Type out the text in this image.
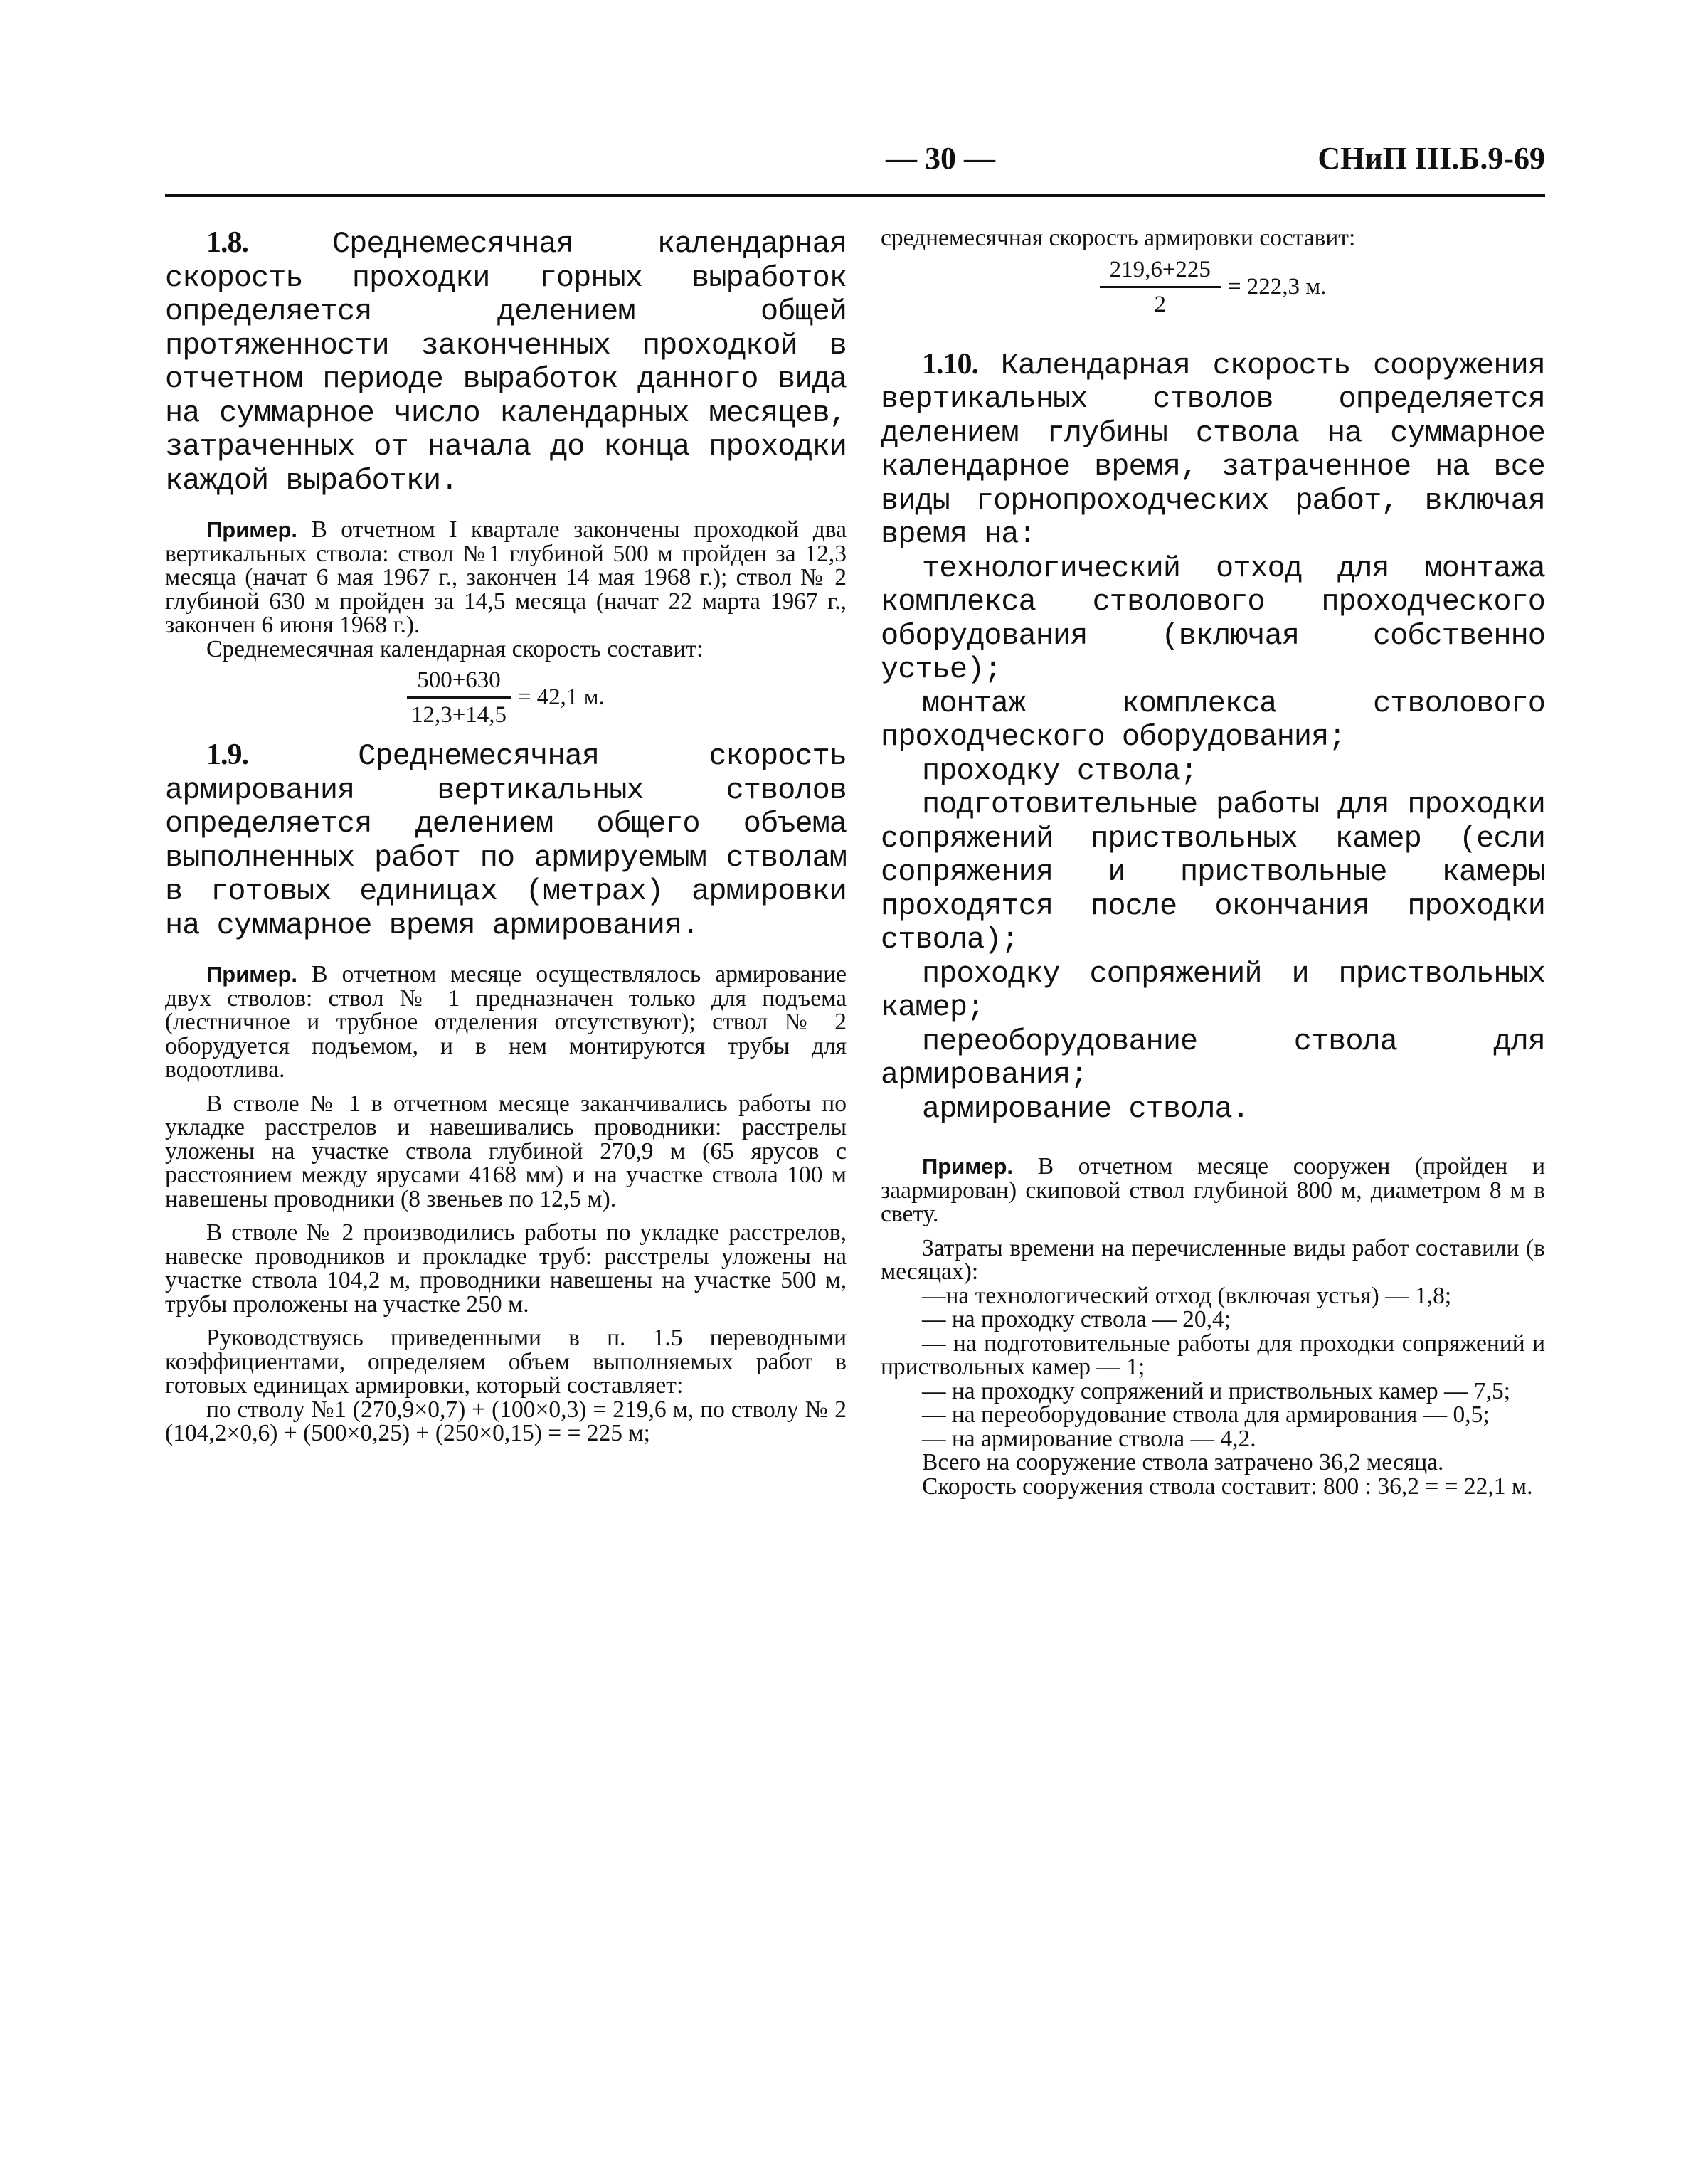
— 30 —	СНиП III.Б.9-69

1.8.	Среднемесячная календарная скорость проходки горных выработок определяется делением общей протяженности законченных проходкой в отчетном периоде выработок данного вида на суммарное число календарных месяцев, затраченных от начала до конца проходки каждой выработки.

Пример. В отчетном I квартале закончены проходкой два вертикальных ствола: ствол №1 глубиной 500 м пройден за 12,3 месяца (начат 6 мая 1967 г., закончен 14 мая 1968 г.); ствол № 2 глубиной 630 м пройден за 14,5 месяца (начат 22 марта 1967 г., закончен 6 июня 1968 г.).

Среднемесячная календарная скорость составит:

$\frac{500+630}{12,3+14,5} = 42,1$ м.

1.9.	Среднемесячная скорость армирования вертикальных стволов определяется делением общего объема выполненных работ по армируемым стволам в готовых единицах (метрах) армировки на суммарное время армирования.

Пример. В отчетном месяце осуществлялось армирование двух стволов: ствол № 1 предназначен только для подъема (лестничное и трубное отделения отсутствуют); ствол № 2 оборудуется подъемом, и в нем монтируются трубы для водоотлива.

В стволе № 1 в отчетном месяце заканчивались работы по укладке расстрелов и навешивались проводники: расстрелы уложены на участке ствола глубиной 270,9 м (65 ярусов с расстоянием между ярусами 4168 мм) и на участке ствола 100 м навешены проводники (8 звеньев по 12,5 м).

В стволе № 2 производились работы по укладке расстрелов, навеске проводников и прокладке труб: расстрелы уложены на участке ствола 104,2 м, проводники навешены на участке 500 м, трубы проложены на участке 250 м.

Руководствуясь приведенными в п. 1.5 переводными коэффициентами, определяем объем выполняемых работ в готовых единицах армировки, который составляет:

по стволу №1 (270,9×0,7) + (100×0,3) = 219,6 м, по стволу № 2 (104,2×0,6) + (500×0,25) + (250×0,15) = = 225 м;

среднемесячная скорость армировки составит:

$\frac{219,6+225}{2} = 222,3$ м.

1.10. Календарная скорость сооружения вертикальных стволов определяется делением глубины ствола на суммарное календарное время, затраченное на все виды горнопроходческих работ, включая время на:

технологический отход для монтажа комплекса стволового проходческого оборудования (включая собственно устье);

монтаж комплекса стволового проходческого оборудования;

проходку ствола;

подготовительные работы для проходки сопряжений приствольных камер (если сопряжения и приствольные камеры проходятся после окончания проходки ствола);

проходку сопряжений и приствольных камер;

переоборудование ствола для армирования;

армирование ствола.

Пример. В отчетном месяце сооружен (пройден и заармирован) скиповой ствол глубиной 800 м, диаметром 8 м в свету.

Затраты времени на перечисленные виды работ составили (в месяцах):

—на технологический отход (включая устья) — 1,8;

— на проходку ствола — 20,4;

— на подготовительные работы для проходки сопряжений и приствольных камер — 1;

— на проходку сопряжений и приствольных камер — 7,5;

— на переоборудование ствола для армирования — 0,5;

— на армирование ствола — 4,2.

Всего на сооружение ствола затрачено 36,2 месяца.

Скорость сооружения ствола составит: 800 : 36,2 = = 22,1 м.
